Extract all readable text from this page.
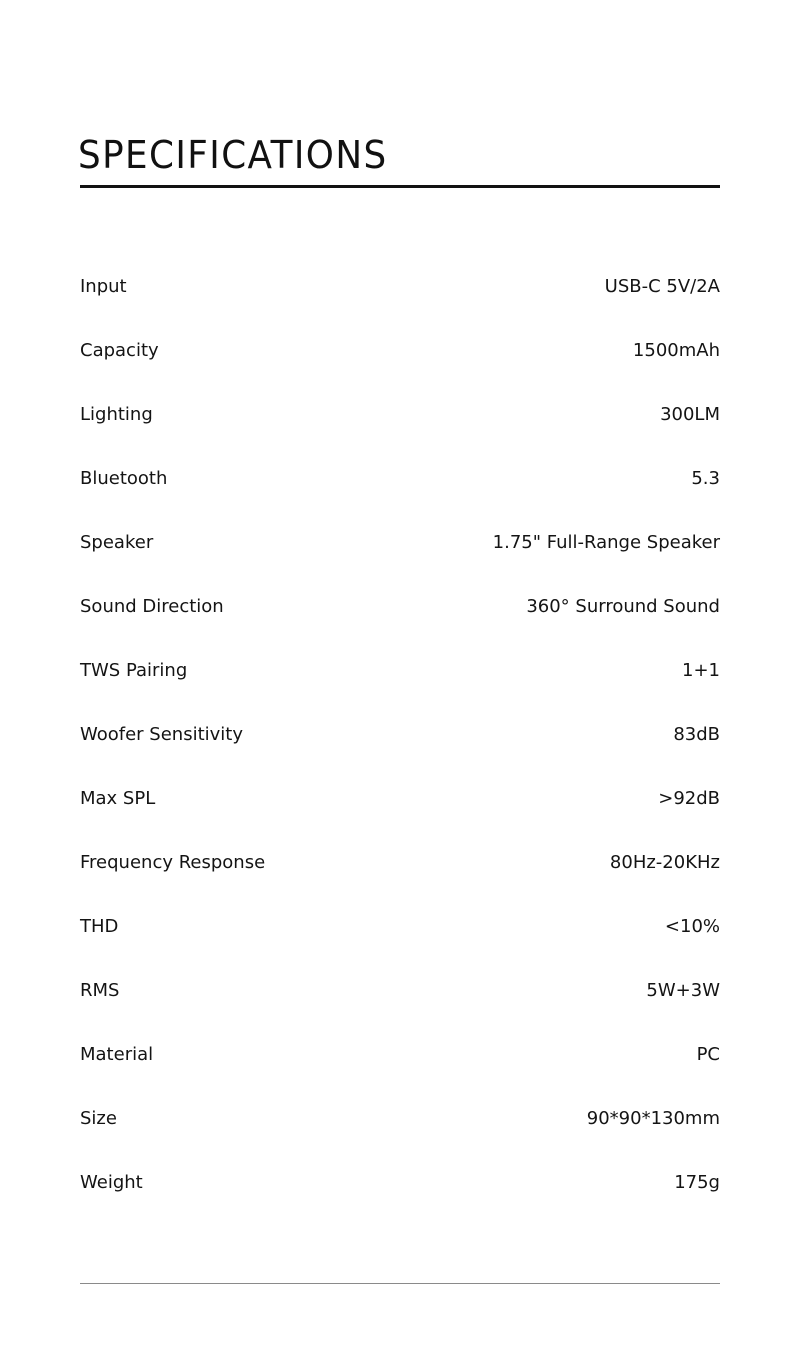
SPECIFICATIONS
Input	USB-C 5V/2A
Capacity	1500mAh
Lighting	300LM
Bluetooth	5.3
Speaker	1.75" Full-Range Speaker
Sound Direction	360° Surround Sound
TWS Pairing	1+1
Woofer Sensitivity	83dB
Max SPL	>92dB
Frequency Response	80Hz-20KHz
THD	<10%
RMS	5W+3W
Material	PC
Size	90*90*130mm
Weight	175g
